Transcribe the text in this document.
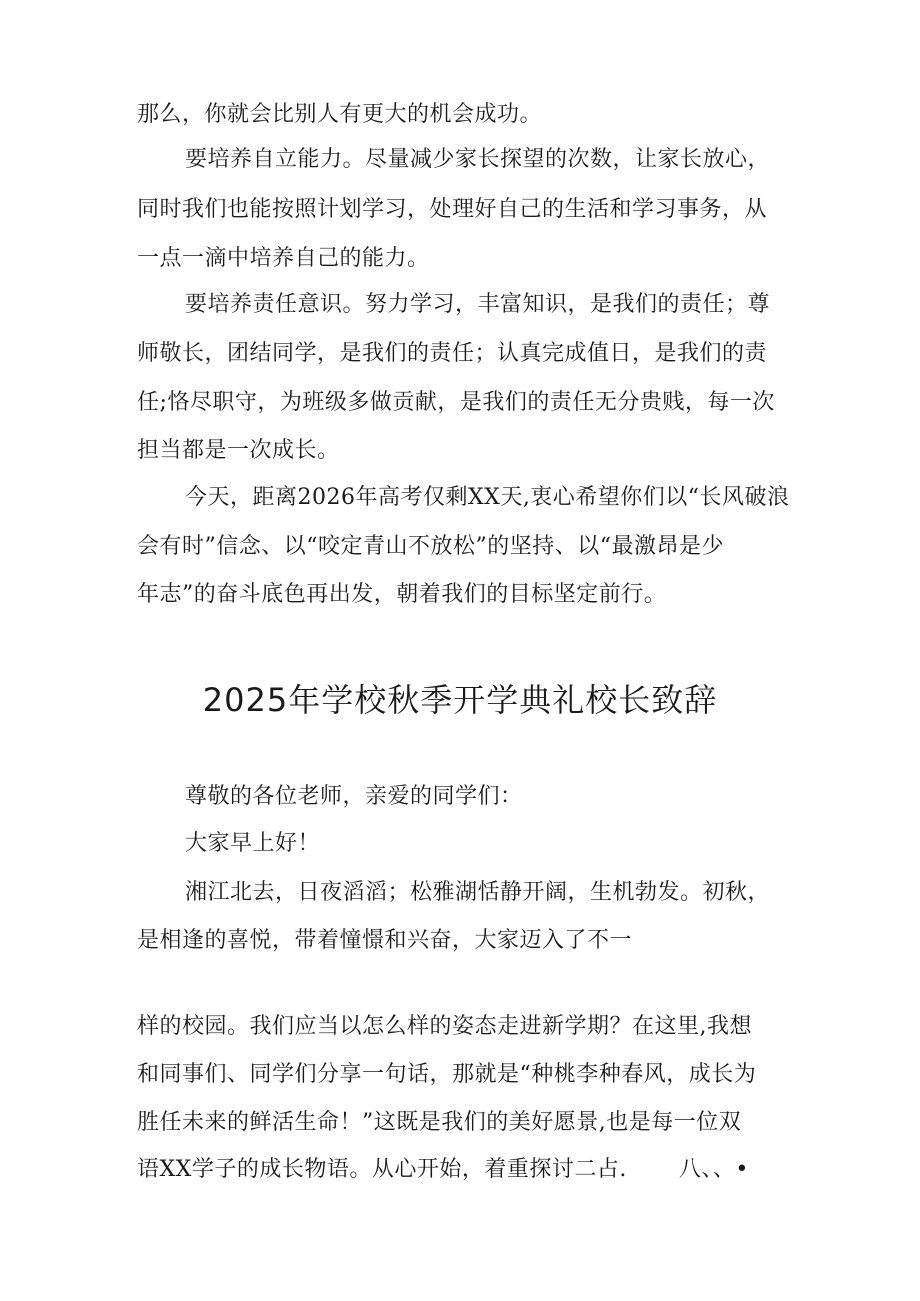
那么，你就会比别人有更大的机会成功。
要培养自立能力。尽量减少家长探望的次数，让家长放心，
同时我们也能按照计划学习，处理好自己的生活和学习事务，从
一点一滴中培养自己的能力。
要培养责任意识。努力学习，丰富知识，是我们的责任；尊
师敬长，团结同学，是我们的责任；认真完成值日，是我们的责
任;恪尽职守，为班级多做贡献，是我们的责任无分贵贱，每一次
担当都是一次成长。
今天，距离2026年高考仅剩XX天,衷心希望你们以“长风破浪
会有时”信念、以“咬定青山不放松”的坚持、以“最激昂是少
年志”的奋斗底色再出发，朝着我们的目标坚定前行。
2025年学校秋季开学典礼校长致辞
尊敬的各位老师，亲爱的同学们：
大家早上好！
湘江北去，日夜滔滔；松雅湖恬静开阔，生机勃发。初秋，
是相逢的喜悦，带着憧憬和兴奋，大家迈入了不一
样的校园。我们应当以怎么样的姿态走进新学期？在这里,我想
和同事们、同学们分享一句话，那就是“种桃李种春风，成长为
胜任未来的鲜活生命！”这既是我们的美好愿景,也是每一位双
语XX学子的成长物语。从心开始，着重探讨二占. 八、、•
